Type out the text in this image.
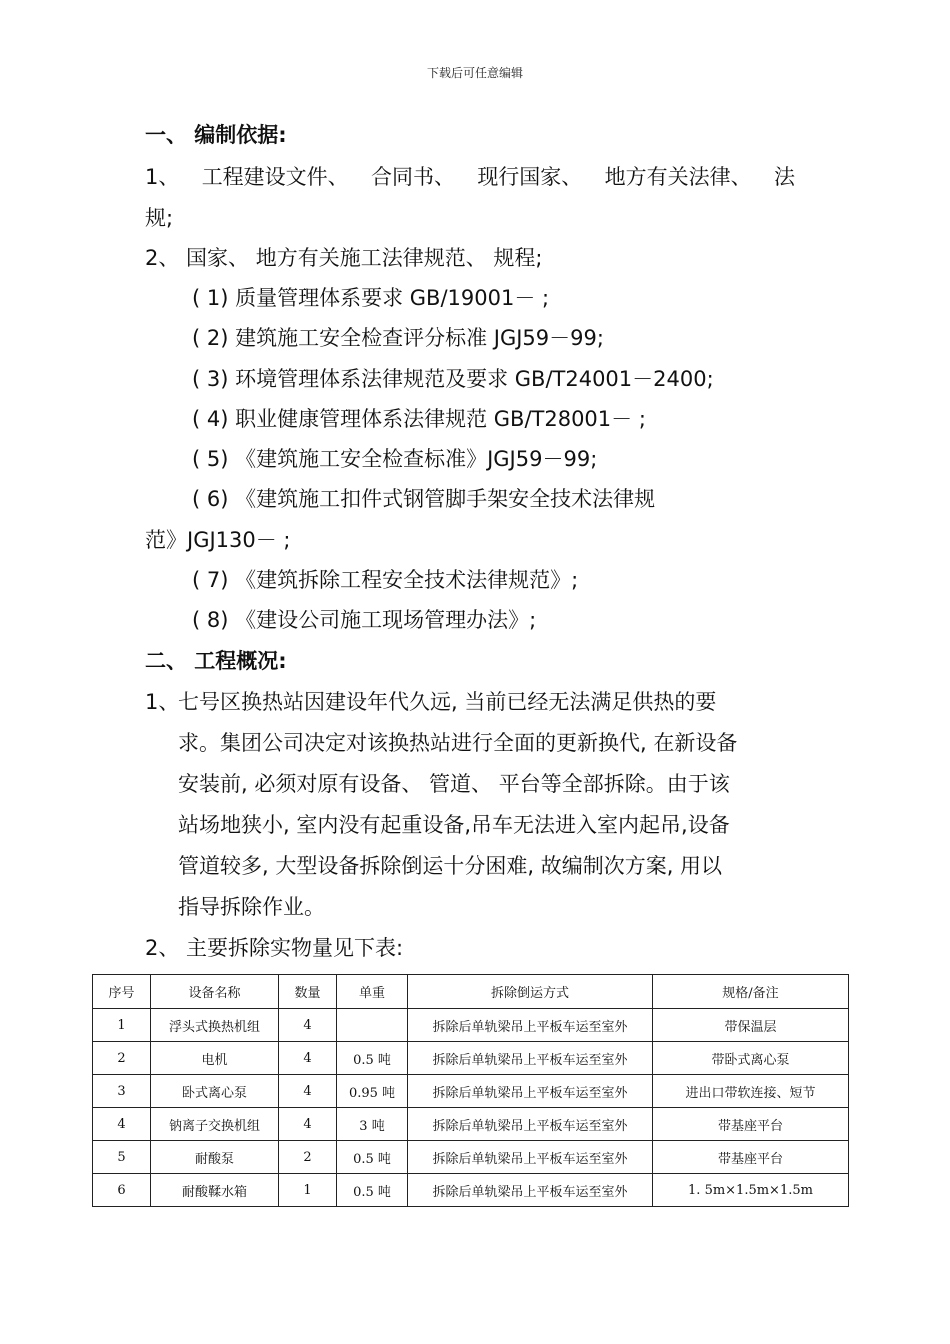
下载后可任意编辑
一、 编制依据:
1、 工程建设文件、 合同书、 现行国家、 地方有关法律、 法
规;
2、 国家、 地方有关施工法律规范、 规程;
( 1) 质量管理体系要求 GB/19001－ ;
( 2) 建筑施工安全检查评分标准 JGJ59－99;
( 3) 环境管理体系法律规范及要求 GB/T24001－2400;
( 4) 职业健康管理体系法律规范 GB/T28001－ ;
( 5) 《建筑施工安全检查标准》JGJ59－99;
( 6) 《建筑施工扣件式钢管脚手架安全技术法律规
范》JGJ130－ ;
( 7) 《建筑拆除工程安全技术法律规范》;
( 8) 《建设公司施工现场管理办法》;
二、 工程概况:
1、
七号区换热站因建设年代久远, 当前已经无法满足供热的要
求。集团公司决定对该换热站进行全面的更新换代, 在新设备
安装前, 必须对原有设备、 管道、 平台等全部拆除。由于该
站场地狭小, 室内没有起重设备,吊车无法进入室内起吊,设备
管道较多, 大型设备拆除倒运十分困难, 故编制次方案, 用以
指导拆除作业。
2、 主要拆除实物量见下表:
序号	设备名称	数量	单重	拆除倒运方式	规格/备注
1	浮头式换热机组	4		拆除后单轨梁吊上平板车运至室外	带保温层
2	电机	4	0.5 吨	拆除后单轨梁吊上平板车运至室外	带卧式离心泵
3	卧式离心泵	4	0.95 吨	拆除后单轨梁吊上平板车运至室外	进出口带软连接、短节
4	钠离子交换机组	4	3 吨	拆除后单轨梁吊上平板车运至室外	带基座平台
5	耐酸泵	2	0.5 吨	拆除后单轨梁吊上平板车运至室外	带基座平台
6	耐酸鞣水箱	1	0.5 吨	拆除后单轨梁吊上平板车运至室外	1. 5m×1.5m×1.5m
